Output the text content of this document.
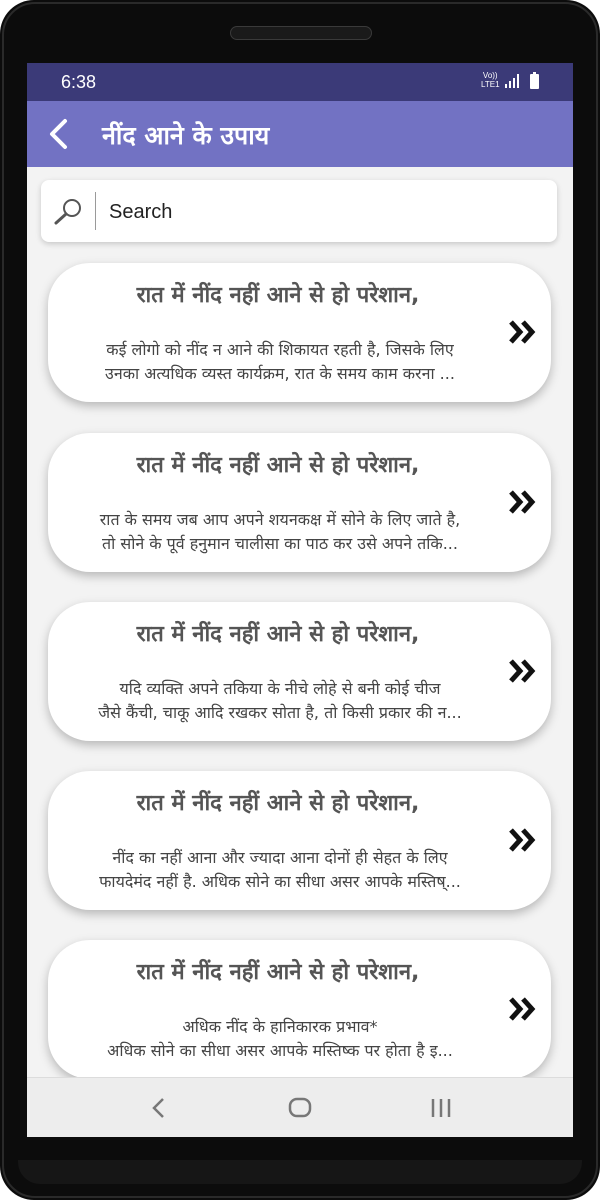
6:38	Vo))
LTE1
नींद आने के उपाय
Search
रात में नींद नहीं आने से हो परेशान,
कई लोगो को नींद न आने की शिकायत रहती है, जिसके लिए
उनका अत्यधिक व्यस्त कार्यक्रम, रात के समय काम करना ...
रात में नींद नहीं आने से हो परेशान,
रात के समय जब आप अपने शयनकक्ष में सोने के लिए जाते है,
तो सोने के पूर्व हनुमान चालीसा का पाठ कर उसे अपने तकि...
रात में नींद नहीं आने से हो परेशान,
यदि व्यक्ति अपने तकिया के नीचे लोहे से बनी कोई चीज
जैसे कैंची, चाकू आदि रखकर सोता है, तो किसी प्रकार की न...
रात में नींद नहीं आने से हो परेशान,
नींद का नहीं आना और ज्यादा आना दोनों ही सेहत के लिए
फायदेमंद नहीं है. अधिक सोने का सीधा असर आपके मस्तिष्...
रात में नींद नहीं आने से हो परेशान,
अधिक नींद के हानिकारक प्रभाव*
अधिक सोने का सीधा असर आपके मस्तिष्क पर होता है इ...
